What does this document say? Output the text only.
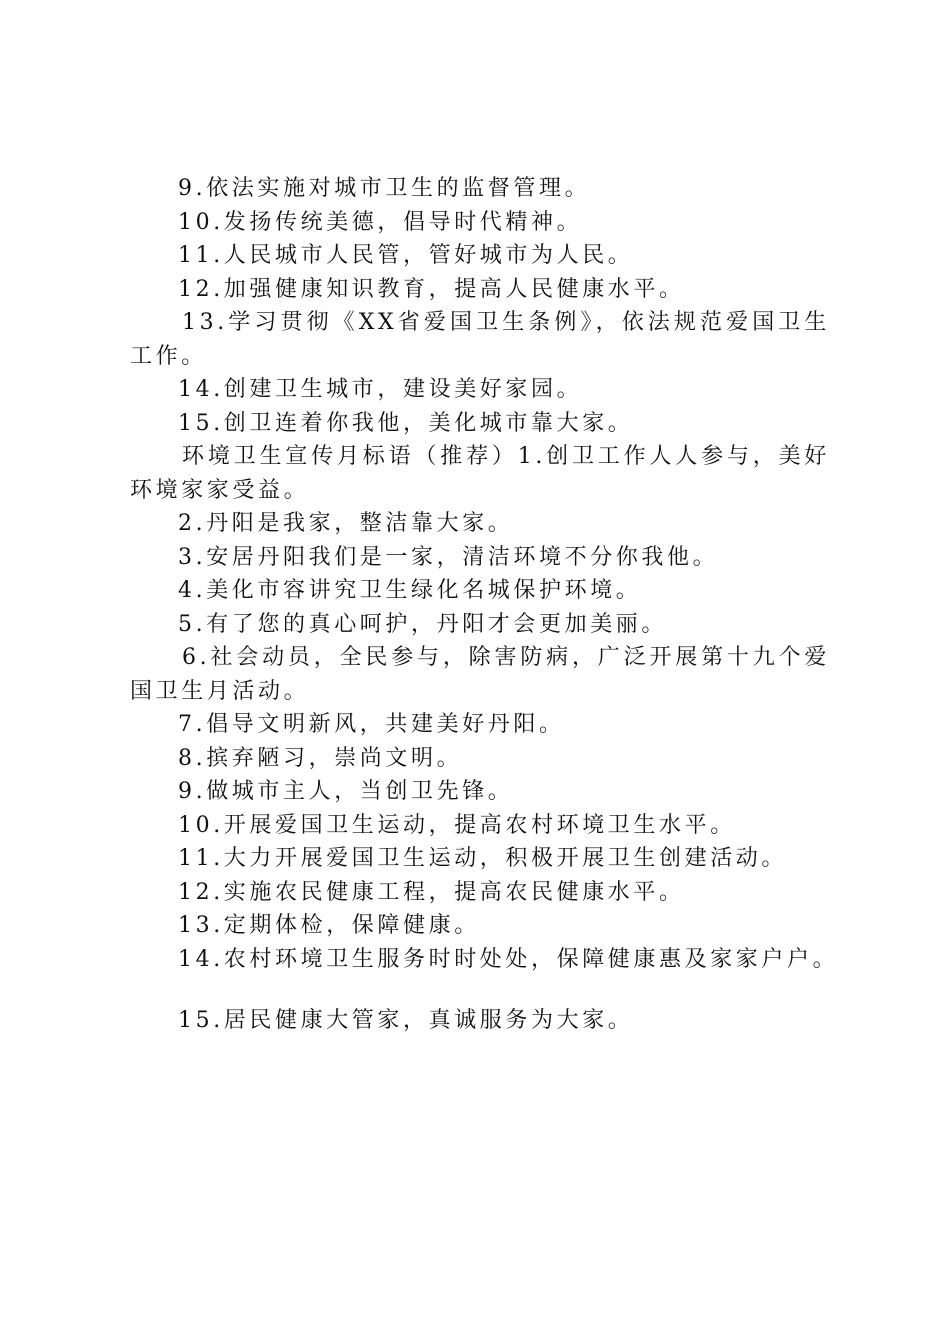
9.依法实施对城市卫生的监督管理。

10.发扬传统美德，倡导时代精神。

11.人民城市人民管，管好城市为人民。

12.加强健康知识教育，提高人民健康水平。

13.学习贯彻《XX省爱国卫生条例》，依法规范爱国卫生工作。

14.创建卫生城市，建设美好家园。

15.创卫连着你我他，美化城市靠大家。

环境卫生宣传月标语（推荐）1.创卫工作人人参与，美好环境家家受益。

2.丹阳是我家，整洁靠大家。

3.安居丹阳我们是一家，清洁环境不分你我他。

4.美化市容讲究卫生绿化名城保护环境。

5.有了您的真心呵护，丹阳才会更加美丽。

6.社会动员，全民参与，除害防病，广泛开展第十九个爱国卫生月活动。

7.倡导文明新风，共建美好丹阳。

8.摈弃陋习，崇尚文明。

9.做城市主人，当创卫先锋。

10.开展爱国卫生运动，提高农村环境卫生水平。

11.大力开展爱国卫生运动，积极开展卫生创建活动。

12.实施农民健康工程，提高农民健康水平。

13.定期体检，保障健康。

14.农村环境卫生服务时时处处，保障健康惠及家家户户。

15.居民健康大管家，真诚服务为大家。
